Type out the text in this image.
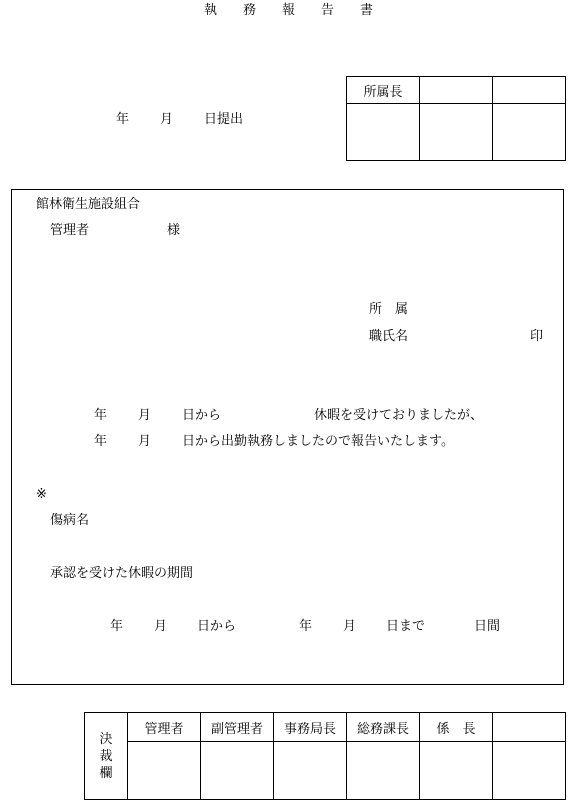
執 務 報 告 書
年 月 日提出
所属長		

館林衛生施設組合
管理者	様
所　属
職氏名	印
年 月 日から	休暇を受けておりましたが、
年 月 日から出勤執務しましたので報告いたします。
※
傷病名
承認を受けた休暇の期間
年 月 日から	年 月 日まで	日間
決裁欄	管理者	副管理者	事務局長	総務課長	係　長	
